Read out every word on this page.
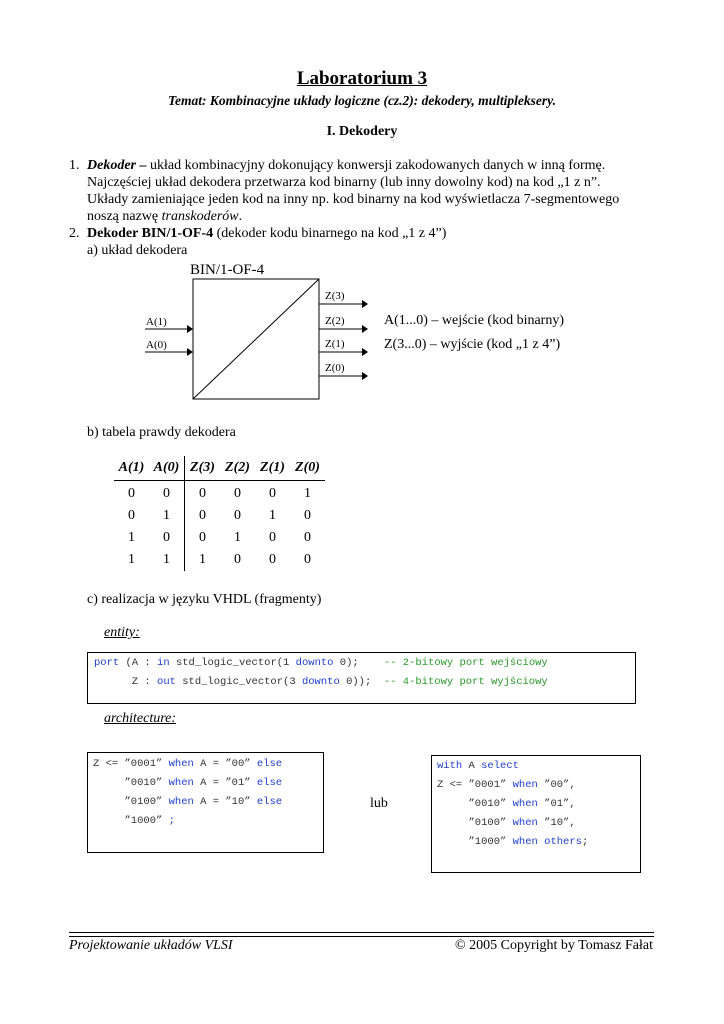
Laboratorium 3
Temat: Kombinacyjne układy logiczne (cz.2): dekodery, multipleksery.
I. Dekodery
1. Dekoder – układ kombinacyjny dokonujący konwersji zakodowanych danych w inną formę.
Najczęściej układ dekodera przetwarza kod binarny (lub inny dowolny kod) na kod „1 z n”.
Układy zamieniające jeden kod na inny np. kod binarny na kod wyświetlacza 7-segmentowego
noszą nazwę transkoderów.
2. Dekoder BIN/1-OF-4 (dekoder kodu binarnego na kod „1 z 4”)
a) układ dekodera
BIN/1-OF-4
A(1)
A(0)
Z(3)
Z(2)
Z(1)
Z(0)
A(1...0) – wejście (kod binarny)
Z(3...0) – wyjście (kod „1 z 4”)
b) tabela prawdy dekodera
A(1)	A(0)	Z(3)	Z(2)	Z(1)	Z(0)
0	0	0	0	0	1
0	1	0	0	1	0
1	0	0	1	0	0
1	1	1	0	0	0
c) realizacja w języku VHDL (fragmenty)
entity:
port (A : in std_logic_vector(1 downto 0);    -- 2-bitowy port wejściowy
Z : out std_logic_vector(3 downto 0));  -- 4-bitowy port wyjściowy
architecture:
Z <= ”0001” when A = ”00” else
”0010” when A = ”01” else
”0100” when A = ”10” else
”1000” ;
lub
with A select
Z <= ”0001” when ”00”,
”0010” when ”01”,
”0100” when ”10”,
”1000” when others;
Projektowanie układów VLSI	© 2005 Copyright by Tomasz Fałat
